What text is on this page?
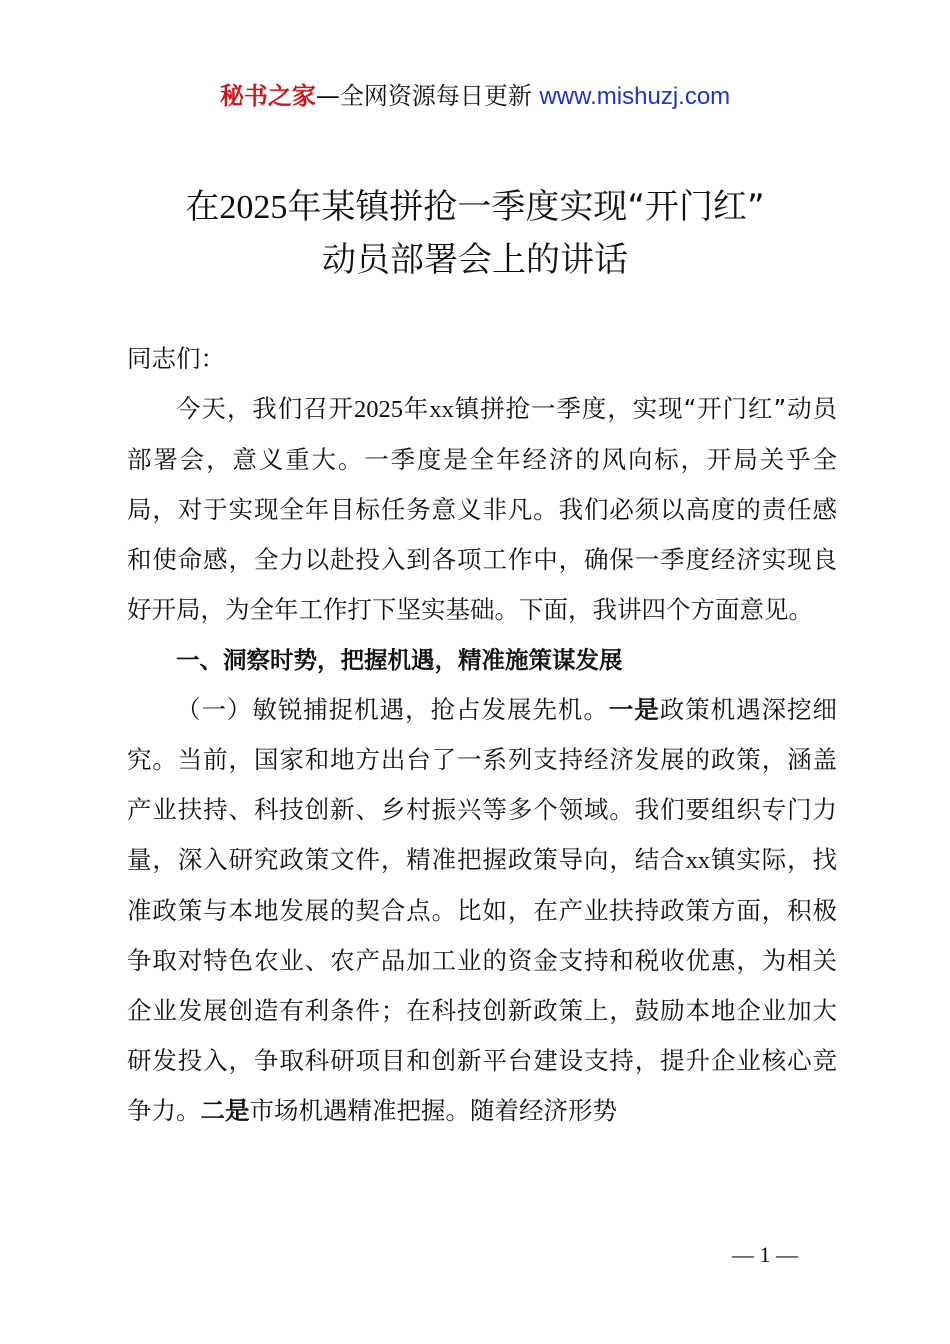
秘书之家—全网资源每日更新 www.mishuzj.com
在2025年某镇拼抢一季度实现“开门红”
动员部署会上的讲话

同志们：

今天，我们召开2025年xx镇拼抢一季度，实现“开门红”动员部署会，意义重大。一季度是全年经济的风向标，开局关乎全局，对于实现全年目标任务意义非凡。我们必须以高度的责任感和使命感，全力以赴投入到各项工作中，确保一季度经济实现良好开局，为全年工作打下坚实基础。下面，我讲四个方面意见。

一、洞察时势，把握机遇，精准施策谋发展

（一）敏锐捕捉机遇，抢占发展先机。一是政策机遇深挖细究。当前，国家和地方出台了一系列支持经济发展的政策，涵盖产业扶持、科技创新、乡村振兴等多个领域。我们要组织专门力量，深入研究政策文件，精准把握政策导向，结合xx镇实际，找准政策与本地发展的契合点。比如，在产业扶持政策方面，积极争取对特色农业、农产品加工业的资金支持和税收优惠，为相关企业发展创造有利条件；在科技创新政策上，鼓励本地企业加大研发投入，争取科研项目和创新平台建设支持，提升企业核心竞争力。二是市场机遇精准把握。随着经济形势

— 1 —
